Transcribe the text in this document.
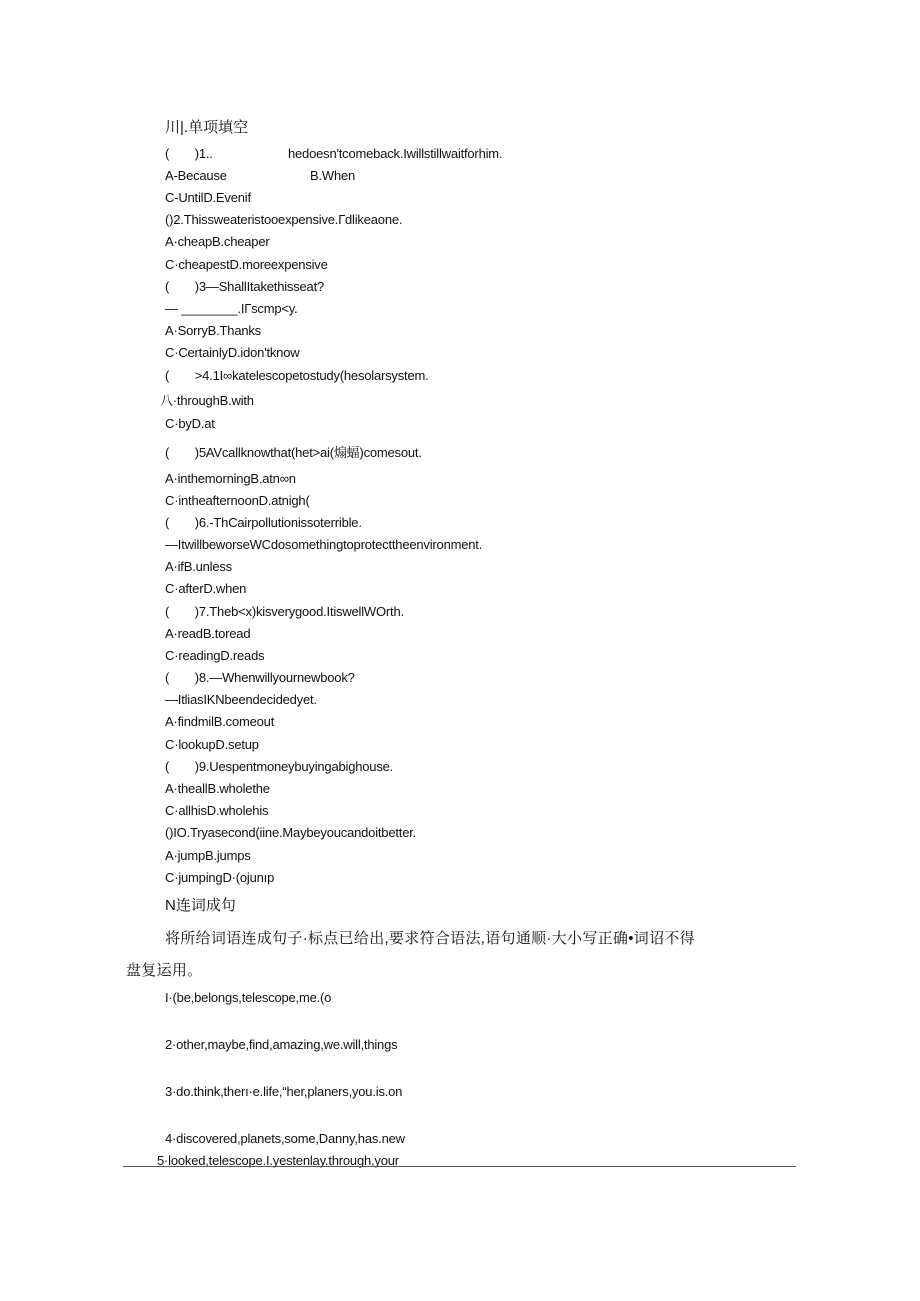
川|.单项填空
(　　)1..	hedoesn'tcomeback.Iwillstillwaitforhim.
A-Because	B.When
C-UntilD.Evenif
()2.Thissweateristooexpensive.Гdlikeaone.
A·cheapB.cheaper
C·cheapestD.moreexpensive
(　　)3—ShallItakethisseat?
— ________.IГscmp<y.
A·SorryB.Thanks
C·CertainlyD.idon'tknow
(　　>4.1I∞katelescopetostudy(hesolarsystem.
八·throughB.with
C·byD.at
(　　)5AVcallknowthat(het>ai(煽蝠)comesout.
A·inthemorningB.atn∞n
C·intheafternoonD.atnigh(
(　　)6.-ThCairpollutionissoterrible.
—ItwillbeworseWCdosomethingtoprotecttheenvironment.
A·ifB.unless
C·afterD.when
(　　)7.Theb<x)kisverygood.ItiswellWOrth.
A·readB.toread
C·readingD.reads
(　　)8.—Whenwillyournewbook?
—ItliasIKNbeendecidedyet.
A·findmilB.comeout
C·lookupD.setup
(　　)9.Uespentmoneybuyingabighouse.
A·theallB.wholethe
C·allhisD.wholehis
()IO.Tryasecond(iine.Maybeyoucandoitbetter.
A·jumpB.jumps
C·jumpingD·(ojunıp
N连词成句
将所给词语连成句子·标点已给出,要求符合语法,语句通顺·大小写正确•词诏不得
盘复运用。
I·(be,belongs,telescope,me.(o
2·other,maybe,find,amazing,we.will,things
3·do.think,therı·e.life,“her,planers,you.is.on
4·discovered,planets,some,Danny,has.new
5·looked,telescope.I.yestenlay.through,your
